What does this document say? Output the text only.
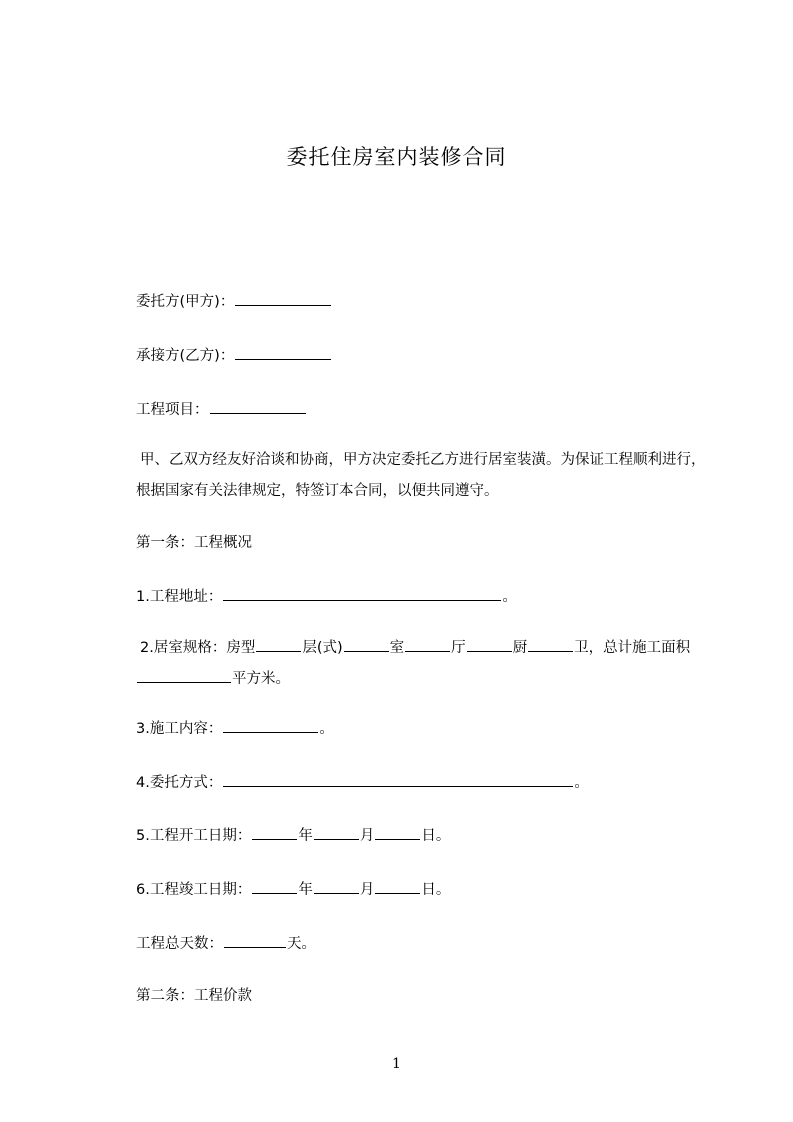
委托住房室内装修合同
委托方(甲方)：
承接方(乙方)：
工程项目：
甲、乙双方经友好洽谈和协商，甲方决定委托乙方进行居室装潢。为保证工程顺利进行，根据国家有关法律规定，特签订本合同，以便共同遵守。
第一条：工程概况
1.工程地址：	。
2.居室规格：房型	层(式)	室	厅	厨	卫，总计施工面积平方米。
3.施工内容：	。
4.委托方式：	。
5.工程开工日期：	年	月	日。
6.工程竣工日期：	年	月	日。
工程总天数：	天。
第二条：工程价款
1
